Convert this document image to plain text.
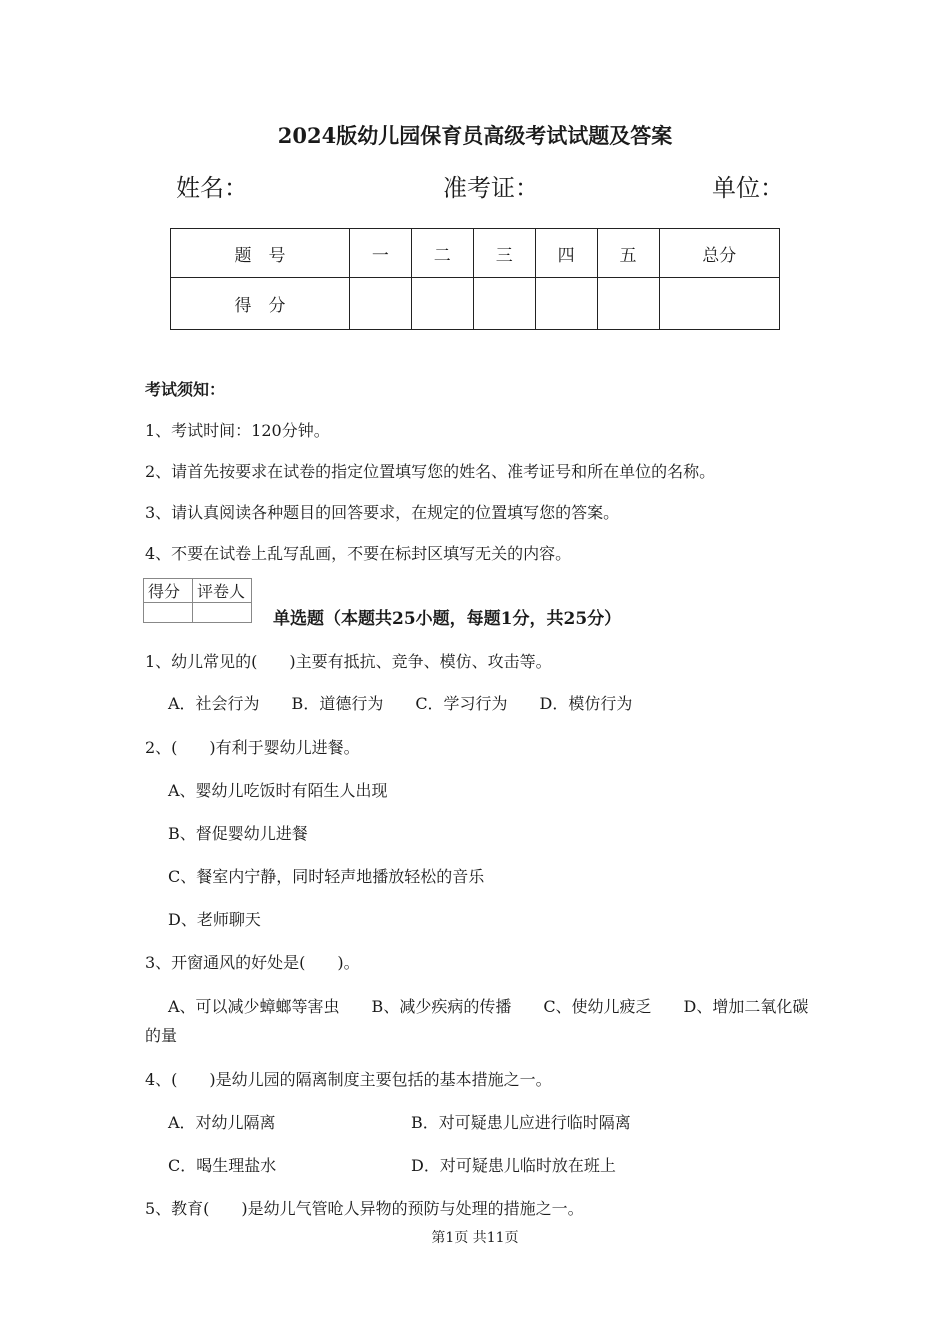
2024版幼儿园保育员高级考试试题及答案
姓名：	准考证：	单位：
题　号	一	二	三	四	五	总分
得　分						
考试须知：
1、考试时间：120分钟。
2、请首先按要求在试卷的指定位置填写您的姓名、准考证号和所在单位的名称。
3、请认真阅读各种题目的回答要求，在规定的位置填写您的答案。
4、不要在试卷上乱写乱画，不要在标封区填写无关的内容。
得分	评卷人

单选题（本题共25小题，每题1分，共25分）
1、幼儿常见的(　　)主要有抵抗、竞争、模仿、攻击等。
A．社会行为　　B．道德行为　　C．学习行为　　D．模仿行为
2、(　　)有利于婴幼儿进餐。
A、婴幼儿吃饭时有陌生人出现
B、督促婴幼儿进餐
C、餐室内宁静，同时轻声地播放轻松的音乐
D、老师聊天
3、开窗通风的好处是(　　)。
A、可以减少蟑螂等害虫　　B、减少疾病的传播　　C、使幼儿疲乏　　D、增加二氧化碳
的量
4、(　　)是幼儿园的隔离制度主要包括的基本措施之一。
A．对幼儿隔离	B．对可疑患儿应进行临时隔离
C．喝生理盐水	D．对可疑患儿临时放在班上
5、教育(　　)是幼儿气管呛人异物的预防与处理的措施之一。
第1页 共11页
